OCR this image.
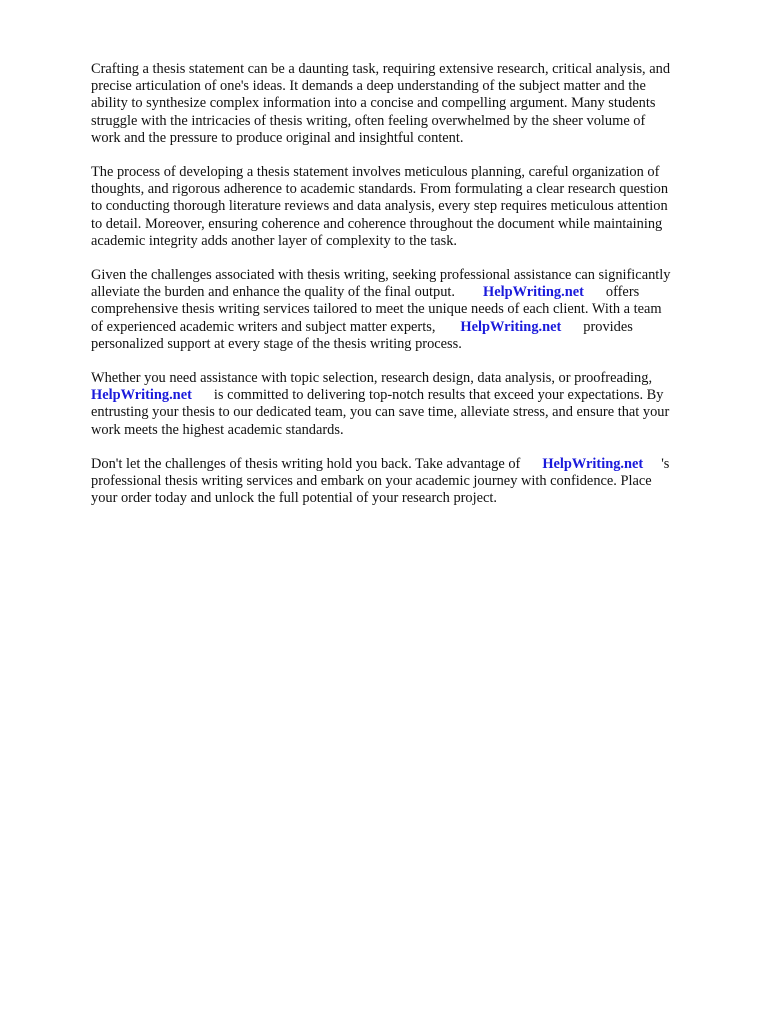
Crafting a thesis statement can be a daunting task, requiring extensive research, critical analysis, and
precise articulation of one's ideas. It demands a deep understanding of the subject matter and the
ability to synthesize complex information into a concise and compelling argument. Many students
struggle with the intricacies of thesis writing, often feeling overwhelmed by the sheer volume of
work and the pressure to produce original and insightful content.

The process of developing a thesis statement involves meticulous planning, careful organization of
thoughts, and rigorous adherence to academic standards. From formulating a clear research question
to conducting thorough literature reviews and data analysis, every step requires meticulous attention
to detail. Moreover, ensuring coherence and coherence throughout the document while maintaining
academic integrity adds another layer of complexity to the task.

Given the challenges associated with thesis writing, seeking professional assistance can significantly
alleviate the burden and enhance the quality of the final output. HelpWriting.net offers
comprehensive thesis writing services tailored to meet the unique needs of each client. With a team
of experienced academic writers and subject matter experts, HelpWriting.net provides
personalized support at every stage of the thesis writing process.

Whether you need assistance with topic selection, research design, data analysis, or proofreading,
HelpWriting.net is committed to delivering top-notch results that exceed your expectations. By
entrusting your thesis to our dedicated team, you can save time, alleviate stress, and ensure that your
work meets the highest academic standards.

Don't let the challenges of thesis writing hold you back. Take advantage of HelpWriting.net 's
professional thesis writing services and embark on your academic journey with confidence. Place
your order today and unlock the full potential of your research project.
